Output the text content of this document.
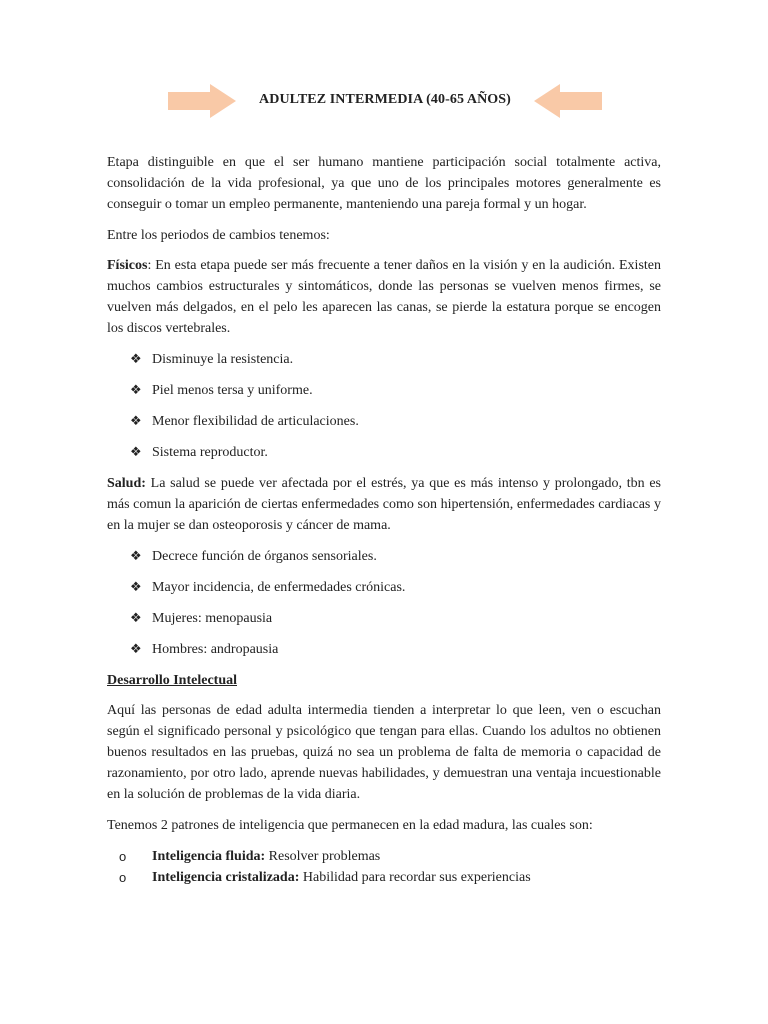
ADULTEZ INTERMEDIA (40-65 AÑOS)

Etapa distinguible en que el ser humano mantiene participación social totalmente activa, consolidación de la vida profesional, ya que uno de los principales motores generalmente es conseguir o tomar un empleo permanente, manteniendo una pareja formal y un hogar.

Entre los periodos de cambios tenemos:

Físicos: En esta etapa puede ser más frecuente a tener daños en la visión y en la audición. Existen muchos cambios estructurales y sintomáticos, donde las personas se vuelven menos firmes, se vuelven más delgados, en el pelo les aparecen las canas, se pierde la estatura porque se encogen los discos vertebrales.

❖ Disminuye la resistencia.
❖ Piel menos tersa y uniforme.
❖ Menor flexibilidad de articulaciones.
❖ Sistema reproductor.

Salud: La salud se puede ver afectada por el estrés, ya que es más intenso y prolongado, tbn es más comun la aparición de ciertas enfermedades como son hipertensión, enfermedades cardiacas y en la mujer se dan osteoporosis y cáncer de mama.

❖ Decrece función de órganos sensoriales.
❖ Mayor incidencia, de enfermedades crónicas.
❖ Mujeres: menopausia
❖ Hombres: andropausia

Desarrollo Intelectual

Aquí las personas de edad adulta intermedia tienden a interpretar lo que leen, ven o escuchan según el significado personal y psicológico que tengan para ellas. Cuando los adultos no obtienen buenos resultados en las pruebas, quizá no sea un problema de falta de memoria o capacidad de razonamiento, por otro lado, aprende nuevas habilidades, y demuestran una ventaja incuestionable en la solución de problemas de la vida diaria.

Tenemos 2 patrones de inteligencia que permanecen en la edad madura, las cuales son:

o Inteligencia fluida: Resolver problemas
o Inteligencia cristalizada: Habilidad para recordar sus experiencias
